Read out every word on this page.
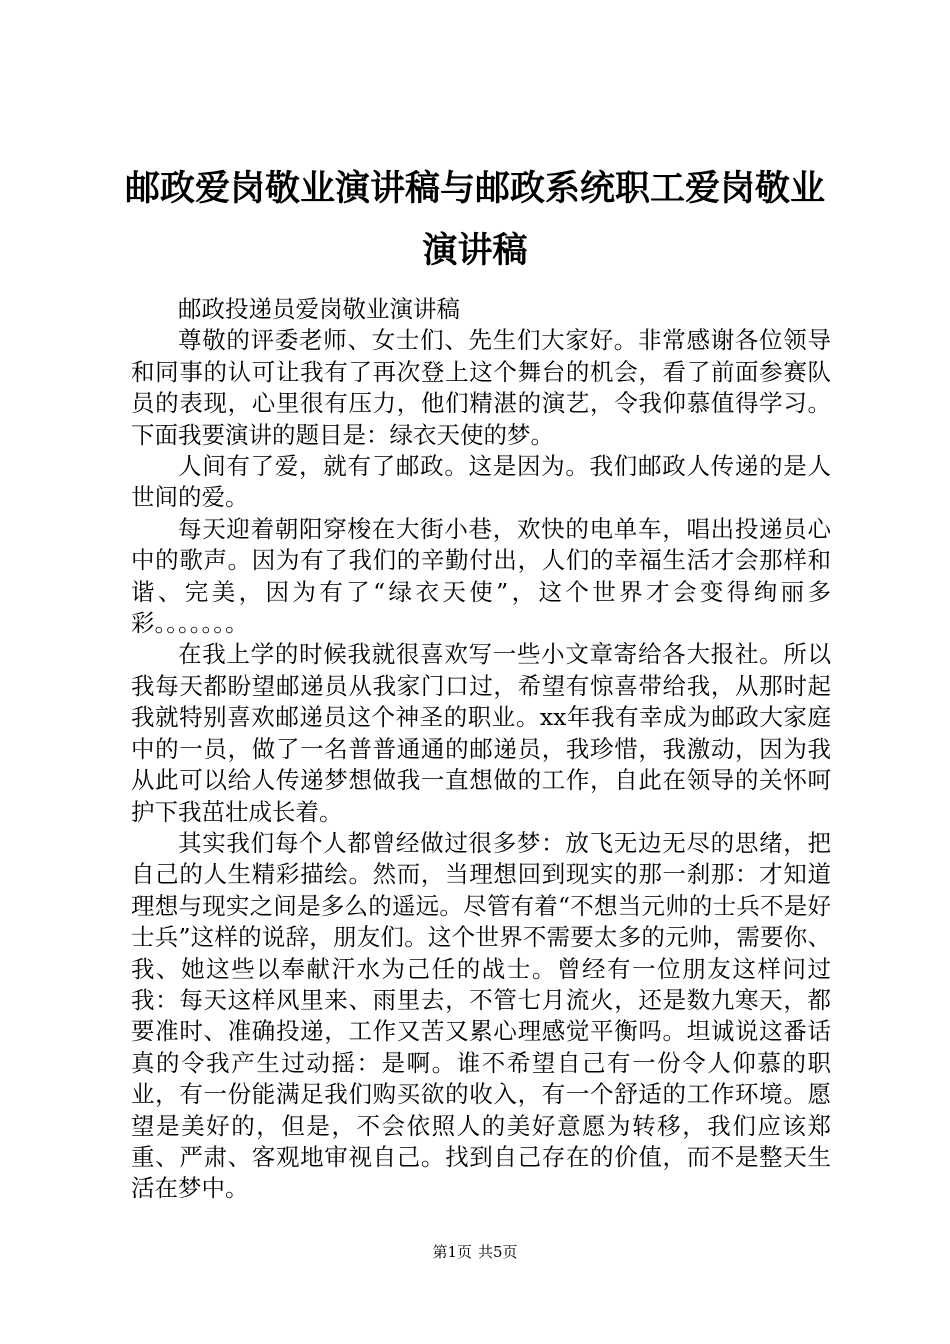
邮政爱岗敬业演讲稿与邮政系统职工爱岗敬业演讲稿

邮政投递员爱岗敬业演讲稿

尊敬的评委老师、女士们、先生们大家好。非常感谢各位领导和同事的认可让我有了再次登上这个舞台的机会，看了前面参赛队员的表现，心里很有压力，他们精湛的演艺，令我仰慕值得学习。下面我要演讲的题目是：绿衣天使的梦。

人间有了爱，就有了邮政。这是因为。我们邮政人传递的是人世间的爱。

每天迎着朝阳穿梭在大街小巷，欢快的电单车，唱出投递员心中的歌声。因为有了我们的辛勤付出，人们的幸福生活才会那样和谐、完美，因为有了“绿衣天使”，这个世界才会变得绚丽多彩。。。。。。。

在我上学的时候我就很喜欢写一些小文章寄给各大报社。所以我每天都盼望邮递员从我家门口过，希望有惊喜带给我，从那时起我就特别喜欢邮递员这个神圣的职业。xx年我有幸成为邮政大家庭中的一员，做了一名普普通通的邮递员，我珍惜，我激动，因为我从此可以给人传递梦想做我一直想做的工作，自此在领导的关怀呵护下我茁壮成长着。

其实我们每个人都曾经做过很多梦：放飞无边无尽的思绪，把自己的人生精彩描绘。然而，当理想回到现实的那一刹那：才知道理想与现实之间是多么的遥远。尽管有着“不想当元帅的士兵不是好士兵”这样的说辞，朋友们。这个世界不需要太多的元帅，需要你、我、她这些以奉献汗水为己任的战士。曾经有一位朋友这样问过我：每天这样风里来、雨里去，不管七月流火，还是数九寒天，都要准时、准确投递，工作又苦又累心理感觉平衡吗。坦诚说这番话真的令我产生过动摇：是啊。谁不希望自己有一份令人仰慕的职业，有一份能满足我们购买欲的收入，有一个舒适的工作环境。愿望是美好的，但是，不会依照人的美好意愿为转移，我们应该郑重、严肃、客观地审视自己。找到自己存在的价值，而不是整天生活在梦中。

第1页 共5页
